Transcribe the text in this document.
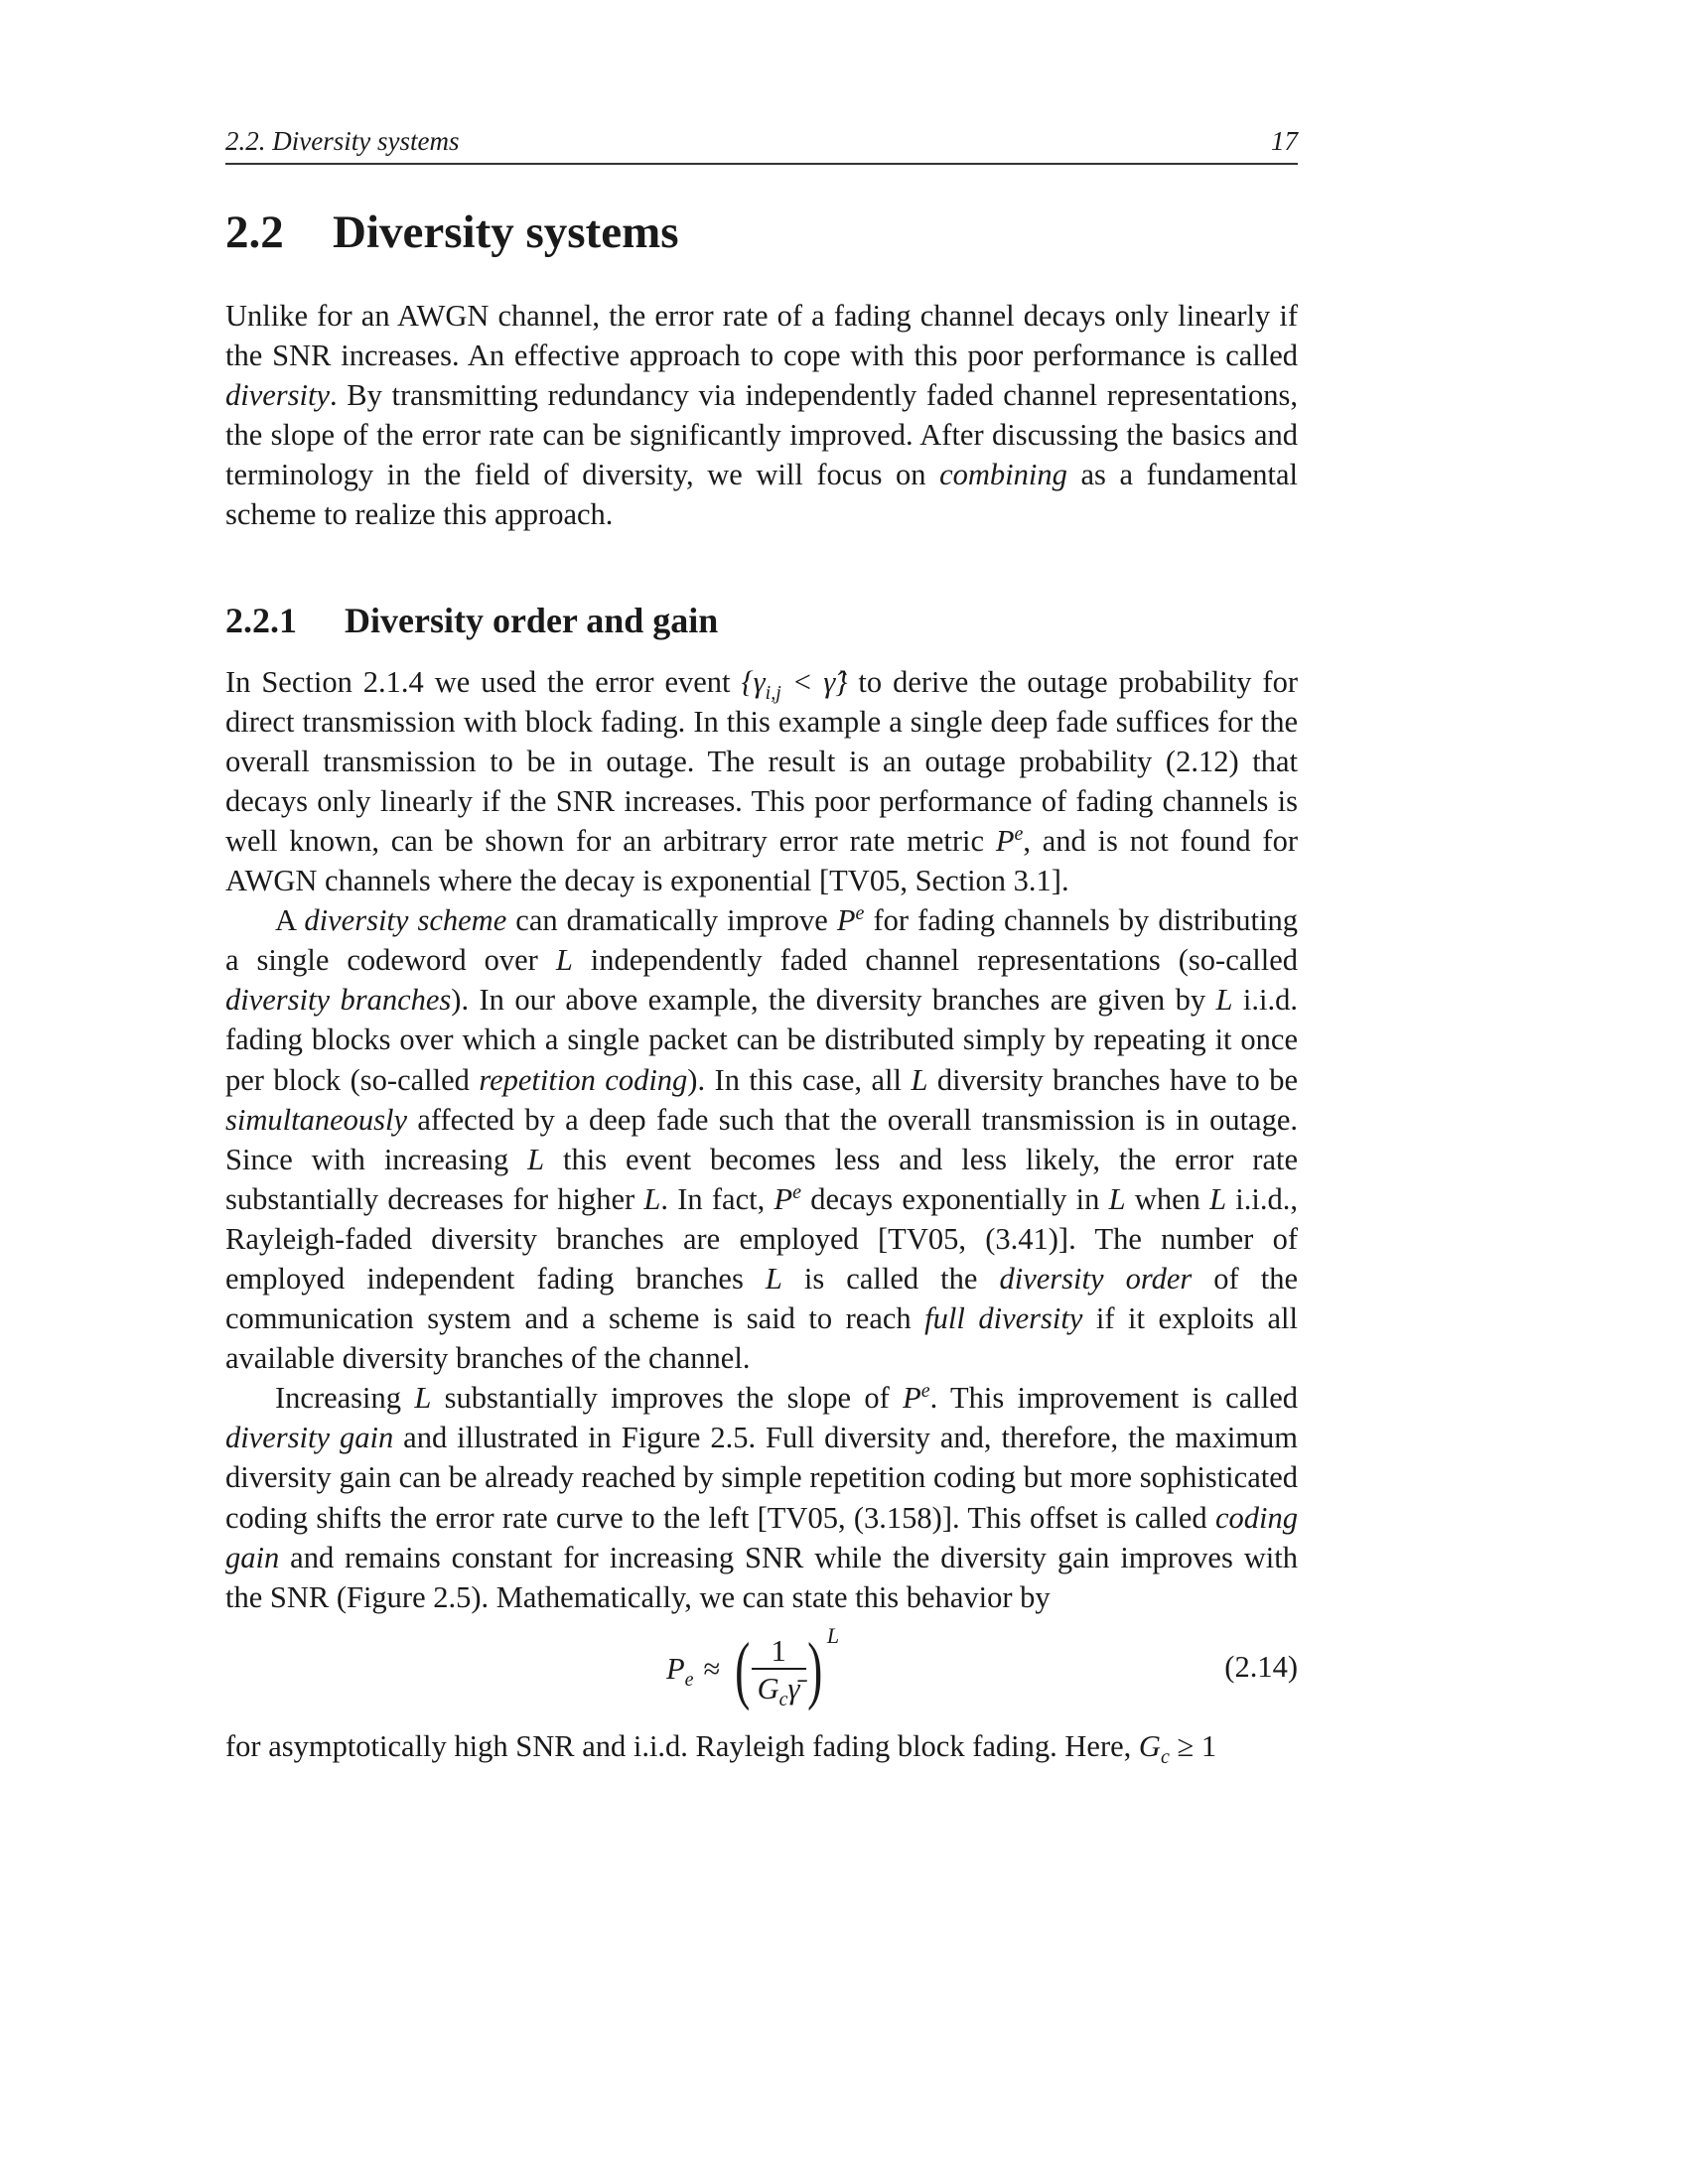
2.2. Diversity systems	17
2.2 Diversity systems

Unlike for an AWGN channel, the error rate of a fading channel decays only linearly if the SNR increases. An effective approach to cope with this poor performance is called diversity. By transmitting redundancy via independently faded channel representations, the slope of the error rate can be significantly improved. After discussing the basics and terminology in the field of diversity, we will focus on combining as a fundamental scheme to realize this approach.

2.2.1 Diversity order and gain

In Section 2.1.4 we used the error event {$\gamma_{i,j}$ < γ̂} to derive the outage probability for direct transmission with block fading. In this example a single deep fade suffices for the overall transmission to be in outage. The result is an outage probability (2.12) that decays only linearly if the SNR increases. This poor performance of fading channels is well known, can be shown for an arbitrary error rate metric $P^e$, and is not found for AWGN channels where the decay is exponential [TV05, Section 3.1].

A diversity scheme can dramatically improve $P^e$ for fading channels by distributing a single codeword over L independently faded channel representations (so-called diversity branches). In our above example, the diversity branches are given by L i.i.d. fading blocks over which a single packet can be distributed simply by repeating it once per block (so-called repetition coding). In this case, all L diversity branches have to be simultaneously affected by a deep fade such that the overall transmission is in outage. Since with increasing L this event becomes less and less likely, the error rate substantially decreases for higher L. In fact, $P^e$ decays exponentially in L when L i.i.d., Rayleigh-faded diversity branches are employed [TV05, (3.41)]. The number of employed independent fading branches L is called the diversity order of the communication system and a scheme is said to reach full diversity if it exploits all available diversity branches of the channel.

Increasing L substantially improves the slope of $P^e$. This improvement is called diversity gain and illustrated in Figure 2.5. Full diversity and, therefore, the maximum diversity gain can be already reached by simple repetition coding but more sophisticated coding shifts the error rate curve to the left [TV05, (3.158)]. This offset is called coding gain and remains constant for increasing SNR while the diversity gain improves with the SNR (Figure 2.5). Mathematically, we can state this behavior by

$P_e$ ≈ ( $\frac{1}{G_c\gammā}$ ) L
(2.14)

for asymptotically high SNR and i.i.d. Rayleigh fading block fading. Here, $G_c \ge 1$
